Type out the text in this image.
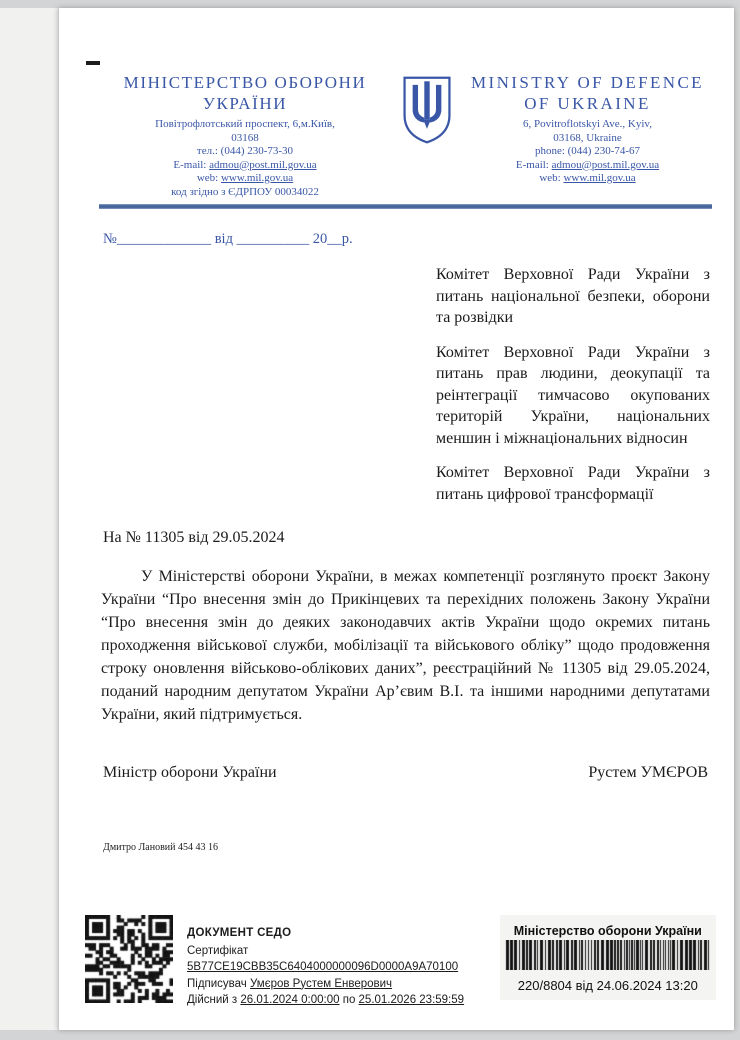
МІНІСТЕРСТВО ОБОРОНИ УКРАЇНИ
Повітрофлотський проспект, 6,м.Київ,
03168
тел.: (044) 230-73-30
E-mail: admou@post.mil.gov.ua
web: www.mil.gov.ua
код згідно з ЄДРПОУ 00034022
MINISTRY OF DEFENCE OF UKRAINE
6, Povitroflotskyi Ave., Kyiv,
03168, Ukraine
phone: (044) 230-74-67
E-mail: admou@post.mil.gov.ua
web: www.mil.gov.ua
№_____________ від __________ 20__р.

Комітет Верховної Ради України з питань національної безпеки, оборони та розвідки

Комітет Верховної Ради України з питань прав людини, деокупації та реінтеграції тимчасово окупованих територій України, національних меншин і міжнаціональних відносин

Комітет Верховної Ради України з питань цифрової трансформації

На № 11305 від 29.05.2024

У Міністерстві оборони України, в межах компетенції розглянуто проєкт Закону України “Про внесення змін до Прикінцевих та перехідних положень Закону України “Про внесення змін до деяких законодавчих актів України щодо окремих питань проходження військової служби, мобілізації та військового обліку” щодо продовження строку оновлення військово-облікових даних”, реєстраційний № 11305 від 29.05.2024, поданий народним депутатом України Ар’євим В.І. та іншими народними депутатами України, який підтримується.

Міністр оборони України	Рустем УМЄРОВ
Дмитро Лановий 454 43 16
ДОКУМЕНТ СЕДО
Сертифікат 5B77CE19CBB35C6404000000096D0000A9A70100
Підписувач Умєров Рустем Енверович
Дійсний з 26.01.2024 0:00:00 по 25.01.2026 23:59:59
Міністерство оборони України
220/8804 від 24.06.2024 13:20
